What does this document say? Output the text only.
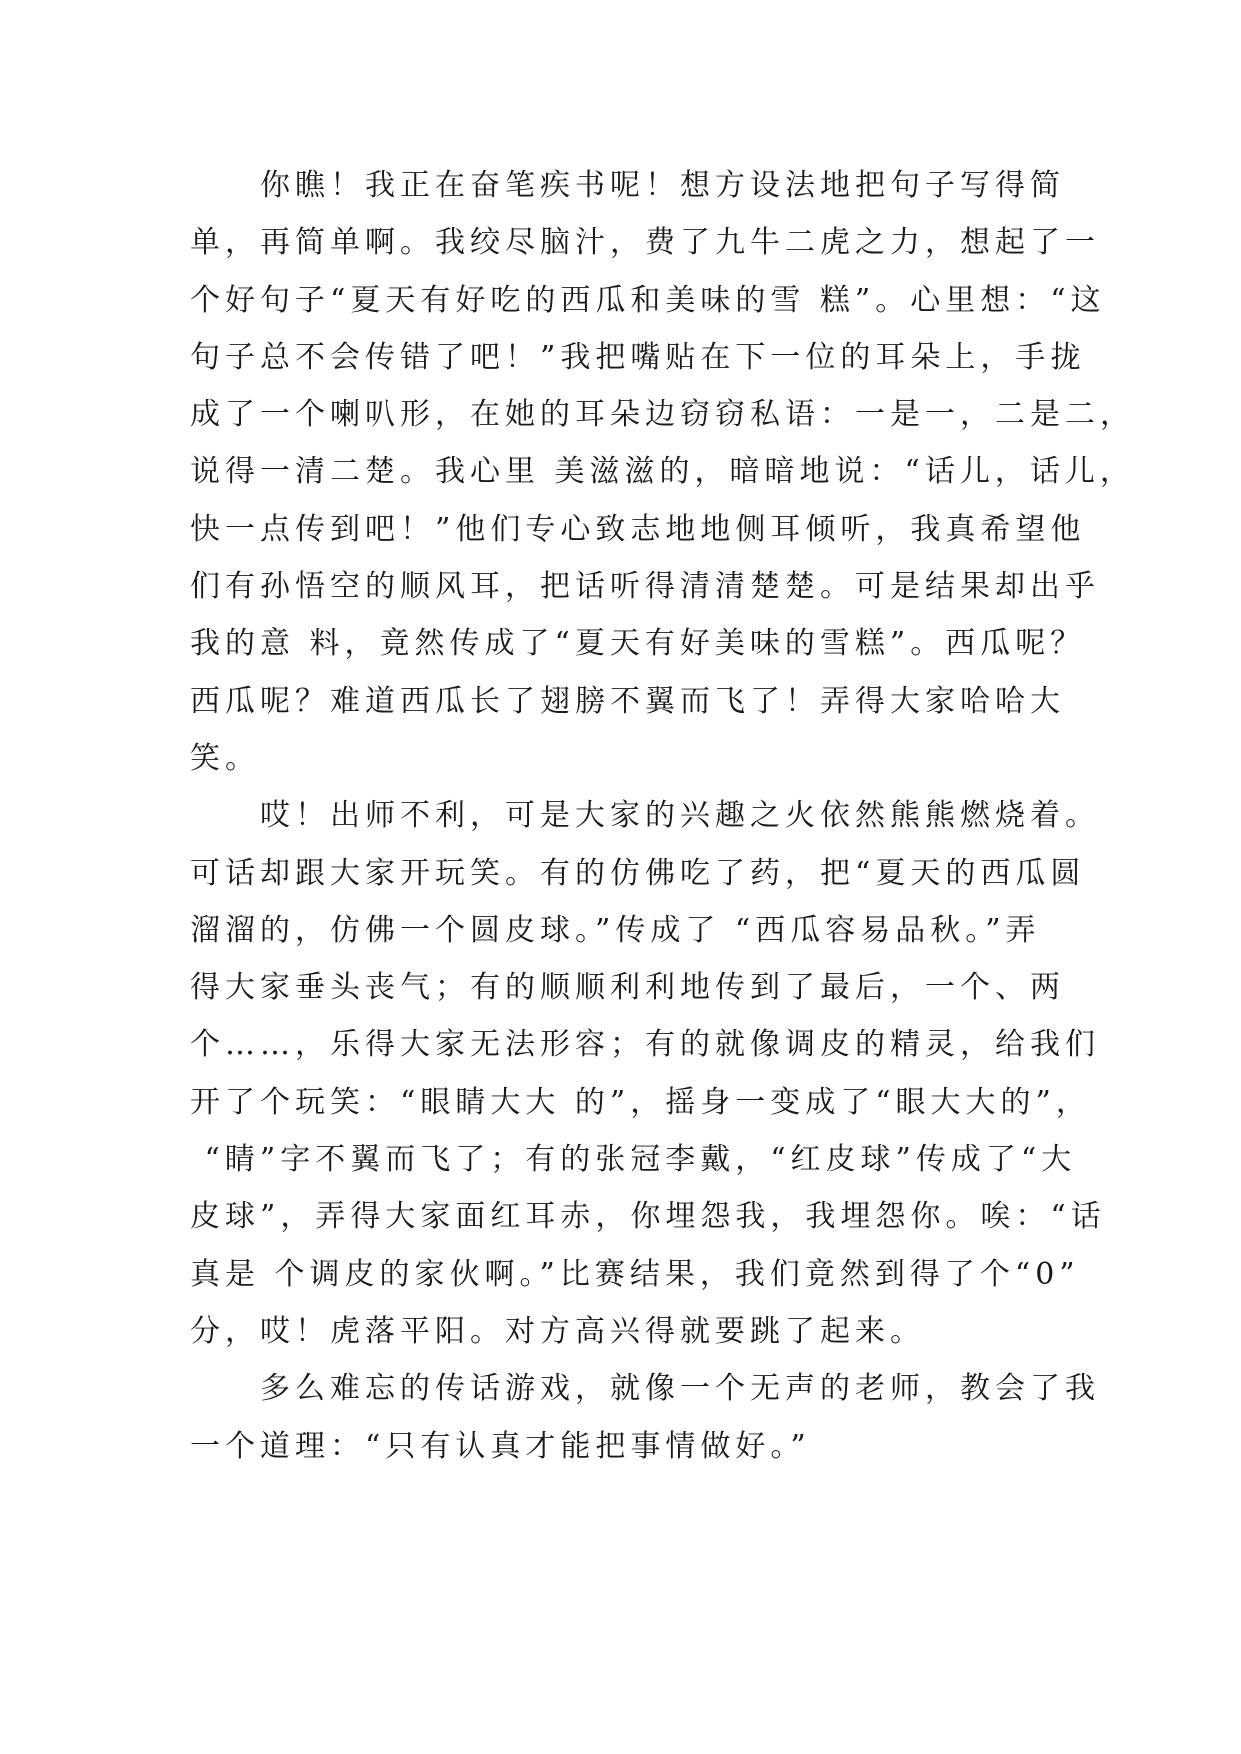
　　你瞧！我正在奋笔疾书呢！想方设法地把句子写得简

单，再简单啊。我绞尽脑汁，费了九牛二虎之力，想起了一

个好句子“夏天有好吃的西瓜和美味的雪 糕”。心里想：“这

句子总不会传错了吧！”我把嘴贴在下一位的耳朵上，手拢

成了一个喇叭形，在她的耳朵边窃窃私语：一是一，二是二，

说得一清二楚。我心里 美滋滋的，暗暗地说：“话儿，话儿，

快一点传到吧！”他们专心致志地地侧耳倾听，我真希望他

们有孙悟空的顺风耳，把话听得清清楚楚。可是结果却出乎

我的意 料，竟然传成了“夏天有好美味的雪糕”。西瓜呢？

西瓜呢？难道西瓜长了翅膀不翼而飞了！弄得大家哈哈大

笑。

　　哎！出师不利，可是大家的兴趣之火依然熊熊燃烧着。

可话却跟大家开玩笑。有的仿佛吃了药，把“夏天的西瓜圆

溜溜的，仿佛一个圆皮球。”传成了 “西瓜容易品秋。”弄

得大家垂头丧气；有的顺顺利利地传到了最后，一个、两

个……，乐得大家无法形容；有的就像调皮的精灵，给我们

开了个玩笑：“眼睛大大 的”，摇身一变成了“眼大大的”，

“睛”字不翼而飞了；有的张冠李戴，“红皮球”传成了“大

皮球”，弄得大家面红耳赤，你埋怨我，我埋怨你。唉：“话

真是 个调皮的家伙啊。”比赛结果，我们竟然到得了个“0”

分，哎！虎落平阳。对方高兴得就要跳了起来。

　　多么难忘的传话游戏，就像一个无声的老师，教会了我

一个道理：“只有认真才能把事情做好。”
